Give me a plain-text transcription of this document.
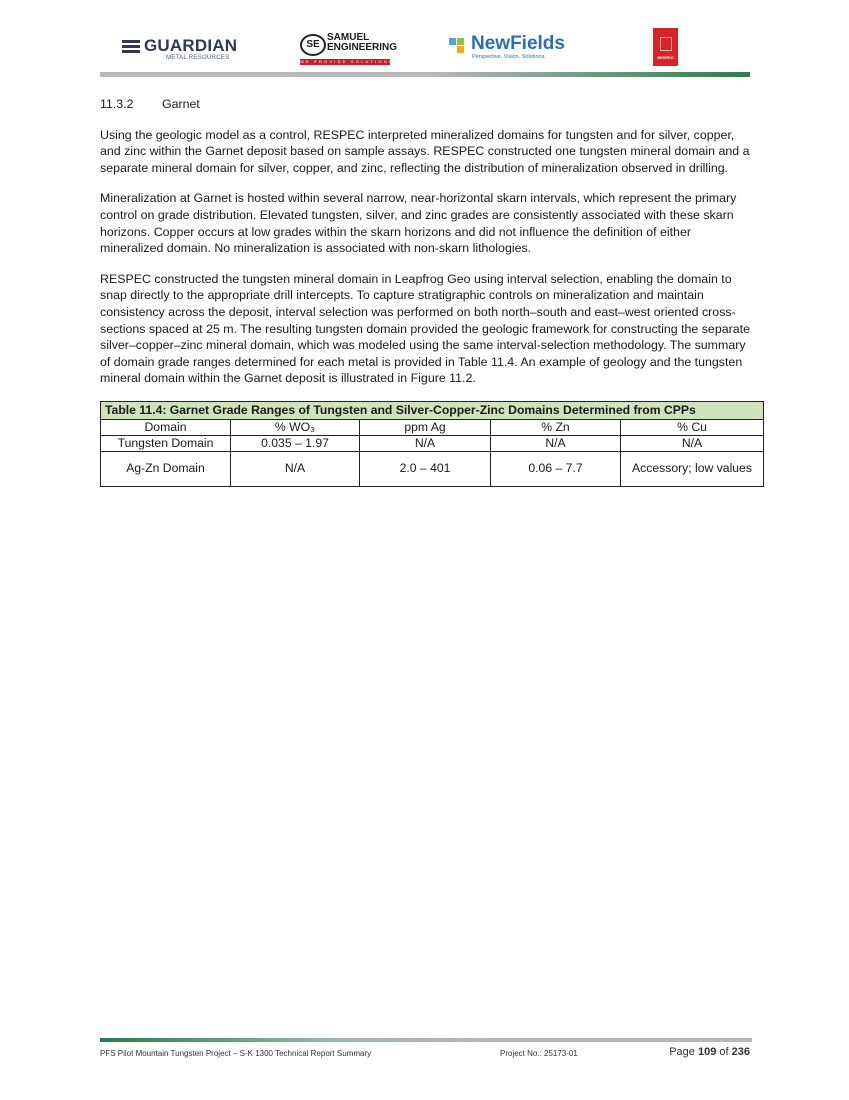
GUARDIAN
METAL RESOURCES
SE
SAMUEL
ENGINEERING
WE PROVIDE SOLUTIONS
NewFields
Perspective. Vision. Solutions.	RESPEC
11.3.2 Garnet

Using the geologic model as a control, RESPEC interpreted mineralized domains for tungsten and for silver, copper, and zinc within the Garnet deposit based on sample assays. RESPEC constructed one tungsten mineral domain and a separate mineral domain for silver, copper, and zinc, reflecting the distribution of mineralization observed in drilling.

Mineralization at Garnet is hosted within several narrow, near-horizontal skarn intervals, which represent the primary control on grade distribution. Elevated tungsten, silver, and zinc grades are consistently associated with these skarn horizons. Copper occurs at low grades within the skarn horizons and did not influence the definition of either mineralized domain. No mineralization is associated with non-skarn lithologies.

RESPEC constructed the tungsten mineral domain in Leapfrog Geo using interval selection, enabling the domain to snap directly to the appropriate drill intercepts. To capture stratigraphic controls on mineralization and maintain consistency across the deposit, interval selection was performed on both north–south and east–west oriented cross-sections spaced at 25 m. The resulting tungsten domain provided the geologic framework for constructing the separate silver–copper–zinc mineral domain, which was modeled using the same interval-selection methodology. The summary of domain grade ranges determined for each metal is provided in Table 11.4. An example of geology and the tungsten mineral domain within the Garnet deposit is illustrated in Figure 11.2.

Table 11.4: Garnet Grade Ranges of Tungsten and Silver-Copper-Zinc Domains Determined from CPPs				
Domain	% WO₃	ppm Ag	% Zn	% Cu
Tungsten Domain	0.035 – 1.97	N/A	N/A	N/A
Ag-Zn Domain	N/A	2.0 – 401	0.06 – 7.7	Accessory; low values
PFS Pilot Mountain Tungsten Project – S-K 1300 Technical Report Summary	Project No.: 25173-01	Page 109 of 236
